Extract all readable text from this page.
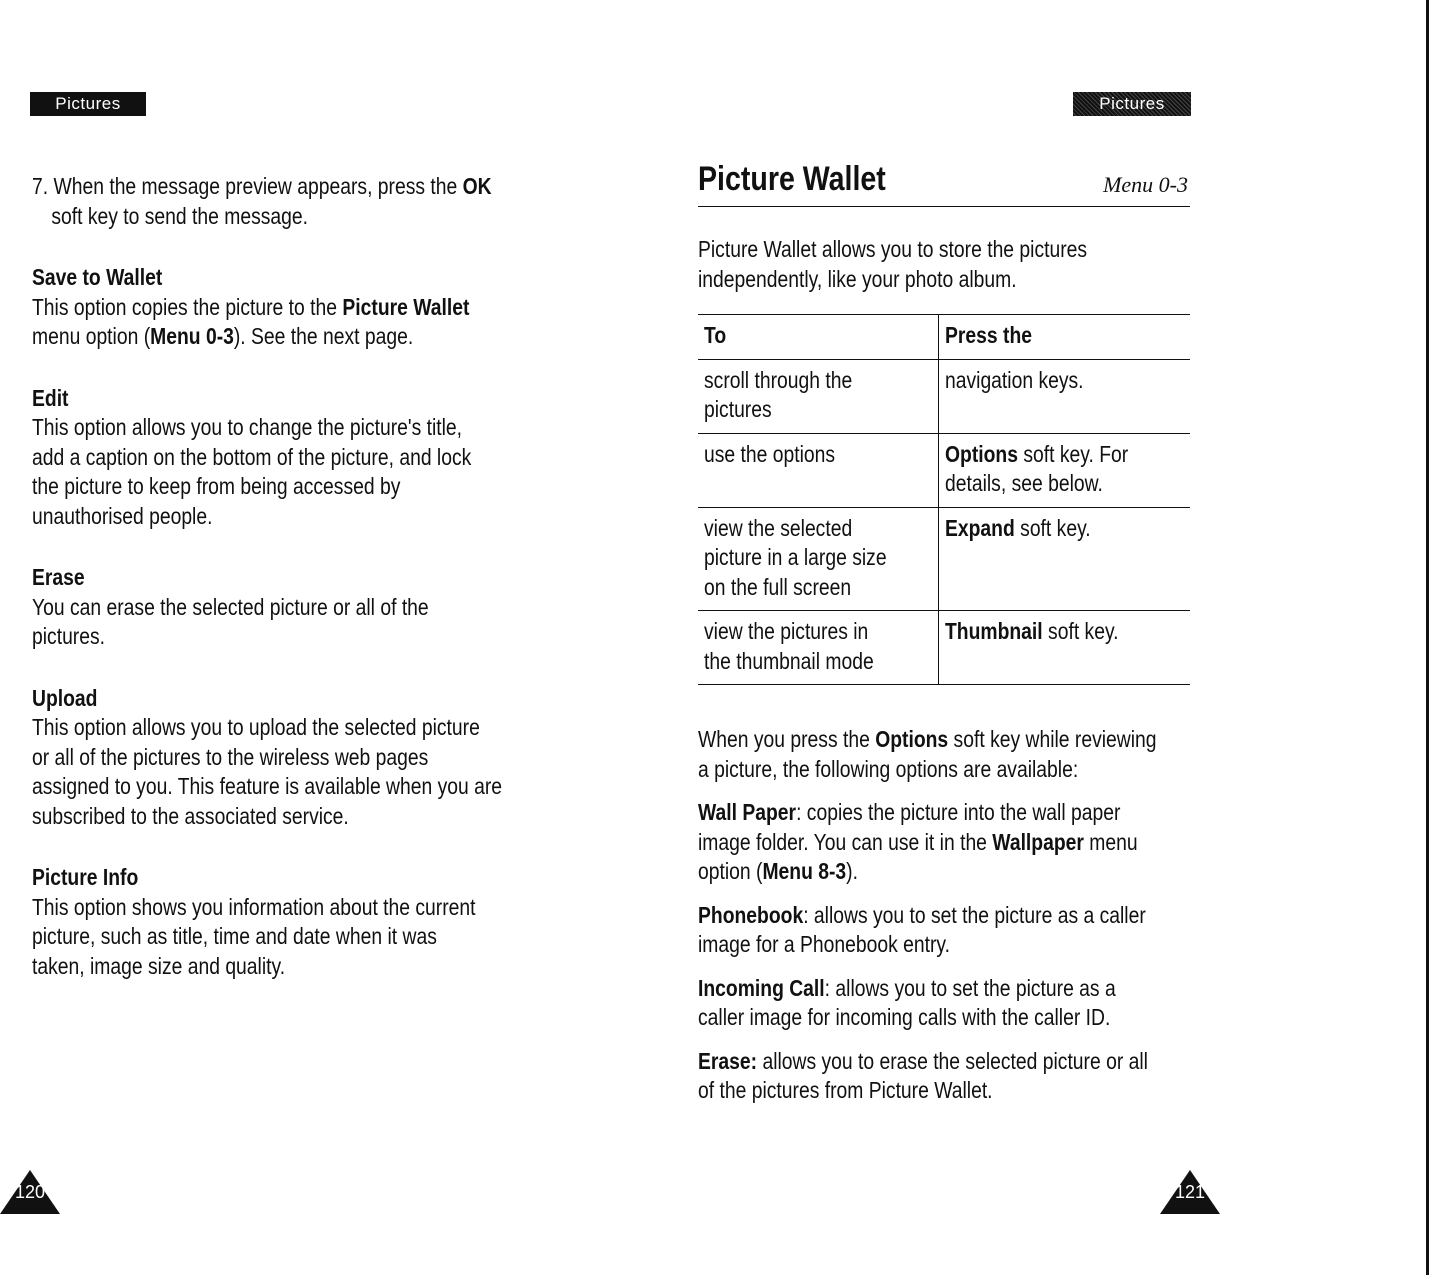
Pictures	Pictures
7. When the message preview appears, press the OK
soft key to send the message.
Save to Wallet
This option copies the picture to the Picture Wallet
menu option (Menu 0-3). See the next page.
Edit
This option allows you to change the picture's title,
add a caption on the bottom of the picture, and lock
the picture to keep from being accessed by
unauthorised people.
Erase
You can erase the selected picture or all of the
pictures.
Upload
This option allows you to upload the selected picture
or all of the pictures to the wireless web pages
assigned to you. This feature is available when you are
subscribed to the associated service.
Picture Info
This option shows you information about the current
picture, such as title, time and date when it was
taken, image size and quality.
Picture Wallet	Menu 0-3
Picture Wallet allows you to store the pictures
independently, like your photo album.
To	Press the

scroll through the
pictures	navigation keys.

use the options	Options soft key. For
details, see below.

view the selected
picture in a large size
on the full screen	Expand soft key.

view the pictures in
the thumbnail mode	Thumbnail soft key.
When you press the Options soft key while reviewing
a picture, the following options are available:
Wall Paper: copies the picture into the wall paper
image folder. You can use it in the Wallpaper menu
option (Menu 8-3).
Phonebook: allows you to set the picture as a caller
image for a Phonebook entry.
Incoming Call: allows you to set the picture as a
caller image for incoming calls with the caller ID.
Erase: allows you to erase the selected picture or all
of the pictures from Picture Wallet.
120	121
